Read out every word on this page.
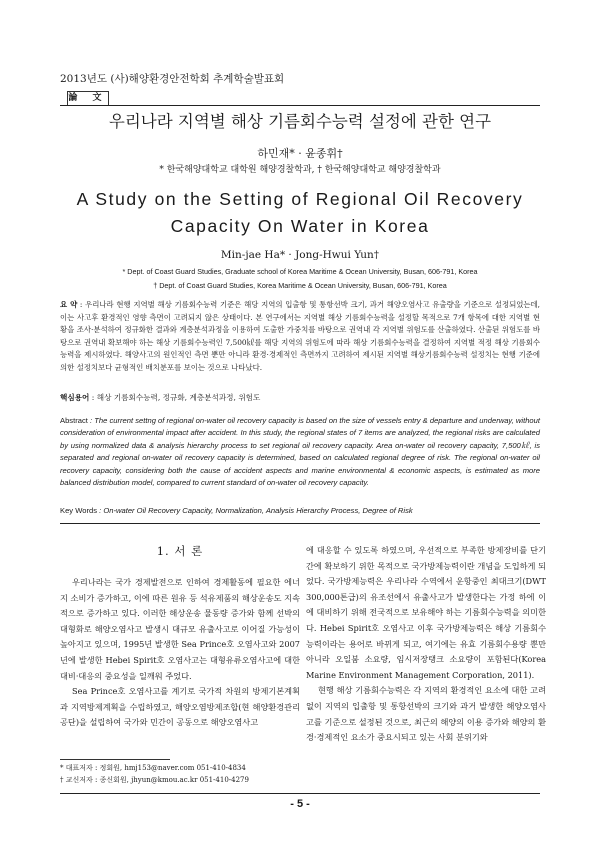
2013년도 (사)해양환경안전학회 추계학술발표회
論 文
우리나라 지역별 해상 기름회수능력 설정에 관한 연구
하민재* · 윤종휘†
* 한국해양대학교 대학원 해양경찰학과, † 한국해양대학교 해양경찰학과
A Study on the Setting of Regional Oil Recovery Capacity On Water in Korea
Min-jae Ha* · Jong-Hwui Yun†
* Dept. of Coast Guard Studies, Graduate school of Korea Maritime & Ocean University, Busan, 606-791, Korea
† Dept. of Coast Guard Studies, Korea Maritime & Ocean University, Busan, 606-791, Korea
요 약 : 우리나라 현행 지역별 해상 기름회수능력 기준은 해당 지역의 입출항 및 통항선박 크기, 과거 해양오염사고 유출량을 기준으로 설정되었는데, 이는 사고후 환경적인 영향 측면이 고려되지 않은 상태이다. 본 연구에서는 지역별 해상 기름회수능력을 설정할 목적으로 7개 항목에 대한 지역별 현황을 조사·분석하여 정규화한 결과와 계층분석과정을 이용하여 도출한 가중치를 바탕으로 권역내 각 지역별 위험도를 산출하였다. 산출된 위험도를 바탕으로 권역내 확보해야 하는 해상 기름회수능력인 7,500㎘를 해당 지역의 위험도에 따라 해상 기름회수능력을 결정하여 지역별 적정 해상 기름회수능력을 제시하였다. 해양사고의 원인적인 측면 뿐만 아니라 환경·경제적인 측면까지 고려하여 제시된 지역별 해상기름회수능력 설정치는 현행 기준에 의한 설정치보다 균형적인 배치분포를 보이는 것으로 나타났다.
핵심용어 : 해상 기름회수능력, 정규화, 계층분석과정, 위험도
Abstract : The current settng of regional on-water oil recovery capacity is based on the size of vessels entry & departure and underway, without consideration of environmental impact after accident. In this study, the regional states of 7 items are analyzed, the regional risks are calculated by using normalized data & analysis hierarchy process to set regional oil recovery capacity. Area on-water oil recovery capacity, 7,500㎘, is separated and regional on-water oil recovery capacity is determined, based on calculated regional degree of risk. The regional on-water oil recovery capacity, considering both the cause of accident aspects and marine environmental & economic aspects, is estimated as more balanced distribution model, compared to current standard of on-water oil recovery capacity.
Key Words : On-water Oil Recovery Capacity, Normalization, Analysis Hierarchy Process, Degree of Risk
1. 서 론

우리나라는 국가 경제발전으로 인하여 경제활동에 필요한 에너지 소비가 증가하고, 이에 따른 원유 등 석유제품의 해상운송도 지속적으로 증가하고 있다. 이러한 해상운송 물동량 증가와 함께 선박의 대형화로 해양오염사고 발생시 대규모 유출사고로 이어질 가능성이 높아지고 있으며, 1995년 발생한 Sea Prince호 오염사고와 2007년에 발생한 Hebei Spirit호 오염사고는 대형유류오염사고에 대한 대비·대응의 중요성을 일깨워 주었다.

Sea Prince호 오염사고를 계기로 국가적 차원의 방제기본계획과 지역방제계획을 수립하였고, 해양오염방제조합(현 해양환경관리공단)을 설립하여 국가와 민간이 공동으로 해양오염사고

에 대응할 수 있도록 하였으며, 우선적으로 부족한 방제장비를 단기간에 확보하기 위한 목적으로 국가방제능력이란 개념을 도입하게 되었다. 국가방제능력은 우리나라 수역에서 운항중인 최대크기(DWT 300,000톤급)의 유조선에서 유출사고가 발생한다는 가정 하에 이에 대비하기 위해 전국적으로 보유해야 하는 기름회수능력을 의미한다. Hebei Spirit호 오염사고 이후 국가방제능력은 해상 기름회수능력이라는 용어로 바뀌게 되고, 여기에는 유효 기름회수용량 뿐만 아니라 오일붐 소요량, 임시저장탱크 소요량이 포함된다(Korea Marine Environment Management Corporation, 2011).

현행 해상 기름회수능력은 각 지역의 환경적인 요소에 대한 고려 없이 지역의 입출항 및 통항선박의 크기와 과거 발생한 해양오염사고를 기준으로 설정된 것으로, 최근의 해양의 이용 증가와 해양의 환경·경제적인 요소가 중요시되고 있는 사회 분위기와

* 대표저자 : 정회원, hmj153@naver.com 051-410-4834
† 교신저자 : 종신회원, jhyun@kmou.ac.kr 051-410-4279
- 5 -
